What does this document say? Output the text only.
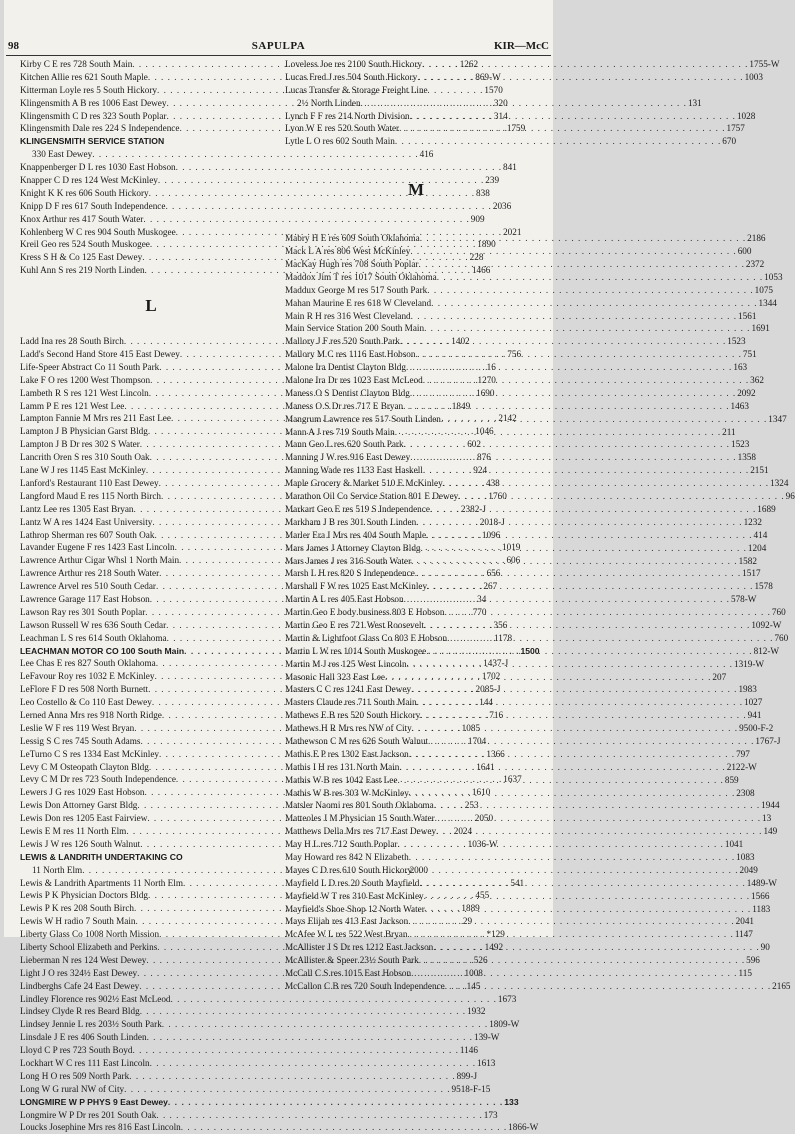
98	SAPULPA	KIR—McC
Kirby C E res 728 South Main . . .	1262
Kitchen Allie res 621 South Maple . . .	869-W
Kitterman Loyle res 5 South Hickory . . .	1570
Klingensmith A B res 1006 East Dewey . . .	320
Klingensmith C D res 323 South Poplar . . .	314
Klingensmith Dale res 224 S Independence . . .	1759
KLINGENSMITH SERVICE STATION
330 East Dewey . . .	416
Knappenberger D L res 1030 East Hobson . . .	841
Knapper C D res 124 West McKinley . . .	239
Knight K K res 606 South Hickory . . .	838
Knipp D F res 617 South Independence . . .	2036
Knox Arthur res 417 South Water . . .	909
Kohlenberg W C res 904 South Muskogee . . .	2021
Kreil Geo res 524 South Muskogee . . .	1890
Kress S H & Co 125 East Dewey . . .	228
Kuhl Ann S res 219 North Linden . . .	1466
L
Ladd Ina res 28 South Birch . . .	1402
Ladd's Second Hand Store 415 East Dewey . . .	756
Life-Speer Abstract Co 11 South Park . . .	16
Lake F O res 1200 West Thompson . . .	1270
Lambeth R S res 121 West Lincoln . . .	1690
Lamm P E res 121 West Lee . . .	1849
Lampton Fannie M Mrs res 211 East Lee . . .	2142
Lampton J B Physician Garst Bldg . . .	1046
Lampton J B Dr res 302 S Water . . .	602
Lancrith Oren S res 310 South Oak . . .	876
Lane W J res 1145 East McKinley . . .	924
Lanford's Restaurant 110 East Dewey . . .	438
Langford Maud E res 115 North Birch . . .	1760
Lantz Lee res 1305 East Bryan . . .	2382-J
Lantz W A res 1424 East University . . .	2018-J
Lathrop Sherman res 607 South Oak . . .	1096
Lavander Eugene F res 1423 East Lincoln . . .	1019
Lawrence Arthur Cigar Whsl 1 North Main . . .	606
Lawrence Arthur res 218 South Water . . .	656
Lawrence Arvel res 510 South Cedar . . .	267
Lawrence Garage 117 East Hobson . . .	34
Lawson Ray res 301 South Poplar . . .	770
Lawson Russell W res 636 South Cedar . . .	356
Leachman L S res 614 South Oklahoma . . .	1178
LEACHMAN MOTOR CO 100 South Main . . .	1500
Lee Chas E res 827 South Oklahoma . . .	1437-J
LeFavour Roy res 1032 E McKinley . . .	1702
LeFlore F D res 508 North Burnett . . .	2085-J
Leo Costello & Co 110 East Dewey . . .	144
Lerned Anna Mrs res 918 North Ridge . . .	716
Leslie W F res 119 West Bryan . . .	1085
Lessig S C res 745 South Adams . . .	1704
LeTurno C S res 1334 East McKinley . . .	1366
Levy C M Osteopath Clayton Bldg . . .	1641
Levy C M Dr res 723 South Independence . . .	1637
Lewers J G res 1029 East Hobson . . .	1610
Lewis Don Attorney Garst Bldg . . .	253
Lewis Don res 1205 East Fairview . . .	2050
Lewis E M res 11 North Elm . . .	2024
Lewis J W res 126 South Walnut . . .	1036-W
LEWIS & LANDRITH UNDERTAKING CO
11 North Elm . . .	2000
Lewis & Landrith Apartments 11 North Elm . . .	541
Lewis P K Physician Doctors Bldg . . .	455
Lewis P K res 208 South Birch . . .	1889
Lewis W H radio 7 South Main . . .	29
Liberty Glass Co 1008 North Mission . . .	*129
Liberty School Elizabeth and Perkins . . .	1492
Lieberman N res 124 West Dewey . . .	526
Light J O res 324½ East Dewey . . .	1008
Lindberghs Cafe 24 East Dewey . . .	145
Lindley Florence res 902½ East McLeod . . .	1673
Lindsey Clyde R res Beard Bldg . . .	1932
Lindsey Jennie L res 203½ South Park . . .	1809-W
Linsdale J E res 406 South Linden . . .	139-W
Lloyd C P res 723 South Boyd . . .	1146
Lockhart W C res 111 East Lincoln . . .	1613
Long H O res 509 North Park . . .	899-J
Long W G rural NW of City . . .	9518-F-15
LONGMIRE W P PHYS 9 East Dewey . . .	133
Longmire W P Dr res 201 South Oak . . .	173
Loucks Josephine Mrs res 816 East Lincoln . . .	1866-W
Loveless Joe res 2100 South Hickory . . .	1755-W
Lucas Fred J res 504 South Hickory . . .	1003
Lucas Transfer & Storage Freight Line
2½ North Linden . . .	131
Lynch F F res 214 North Division . . .	1028
Lyon W E res 520 South Water . . .	1757
Lytle L O res 602 South Main . . .	670
M
Mabry H E res 609 South Oklahoma . . .	2186
Mack L A res 806 West McKinley . . .	600
MacKay Hugh res 708 South Poplar . . .	2372
Maddox Jim T res 1017 South Oklahoma . . .	1053
Maddux George M res 517 South Park . . .	1075
Mahan Maurine E res 618 W Cleveland . . .	1344
Main R H res 316 West Cleveland . . .	1561
Main Service Station 200 South Main . . .	1691
Mallory J F res 520 South Park . . .	1523
Mallory M C res 1116 East Hobson . . .	751
Malone Ira Dentist Clayton Bldg . . .	163
Malone Ira Dr res 1023 East McLeod . . .	362
Maness O S Dentist Clayton Bldg . . .	2092
Maness O S Dr res 717 E Bryan . . .	1463
Mangrum Lawrence res 517 South Linden . . .	1347
Mann A J res 719 South Main . . .	211
Mann Geo L res 620 South Park . . .	1523
Manning J W res 916 East Dewey . . .	1358
Manning Wade res 1133 East Haskell . . .	2151
Maple Grocery & Market 510 E McKinley . . .	1324
Marathon Oil Co Service Station 801 E Dewey . . .	96
Markart Geo E res 519 S Independence . . .	1689
Markham J B res 301 South Linden . . .	1232
Marler Era I Mrs res 404 South Maple . . .	414
Mars James J Attorney Clayton Bldg . . .	1204
Mars James J res 316 South Water . . .	1582
Marsh L H res 820 S Independence . . .	1517
Marshall F W res 1025 East McKinley . . .	1578
Martin A L res 405 East Hobson . . .	578-W
Martin Geo E body business 803 E Hobson . . .	760
Martin Geo E res 721 West Roosevelt . . .	1092-W
Martin & Lightfoot Glass Co 803 E Hobson . . .	760
Martin L W res 1014 South Muskogee . . .	812-W
Martin M J res 125 West Lincoln . . .	1319-W
Masonic Hall 323 East Lee . . .	207
Masters C C res 1241 East Dewey . . .	1983
Masters Claude res 711 South Main . . .	1027
Mathews E B res 520 South Hickory . . .	941
Mathews H R Mrs res NW of City . . .	9500-F-2
Mathewson C M res 626 South Walnut . . .	1767-J
Mathis E P res 1302 East Jackson . . .	797
Mathis I H res 131 North Main . . .	2122-W
Mathis W B res 1042 East Lee . . .	859
Mathis W B res 303 W McKinley . . .	2308
Matsler Naomi res 801 South Oklahoma . . .	1944
Matteoles J M Physician 15 South Water . . .	13
Matthews Della Mrs res 717 East Dewey . . .	149
May H L res 712 South Poplar . . .	1041
May Howard res 842 N Elizabeth . . .	1083
Mayes C D res 610 South Hickory . . .	2049
Mayfield L D res 20 South Mayfield . . .	1489-W
Mayfield W T res 310 East McKinley . . .	1566
Mayfield's Shoe Shop 12 North Water . . .	1183
Mays Elijah res 413 East Jackson . . .	2041
McAfee W L res 522 West Bryan . . .	1147
McAllister J S Dr res 1212 East Jackson . . .	90
McAllister & Speer 23½ South Park . . .	596
McCall C S res 1015 East Hobson . . .	115
McCallon C B res 720 South Independence . . .	2165
